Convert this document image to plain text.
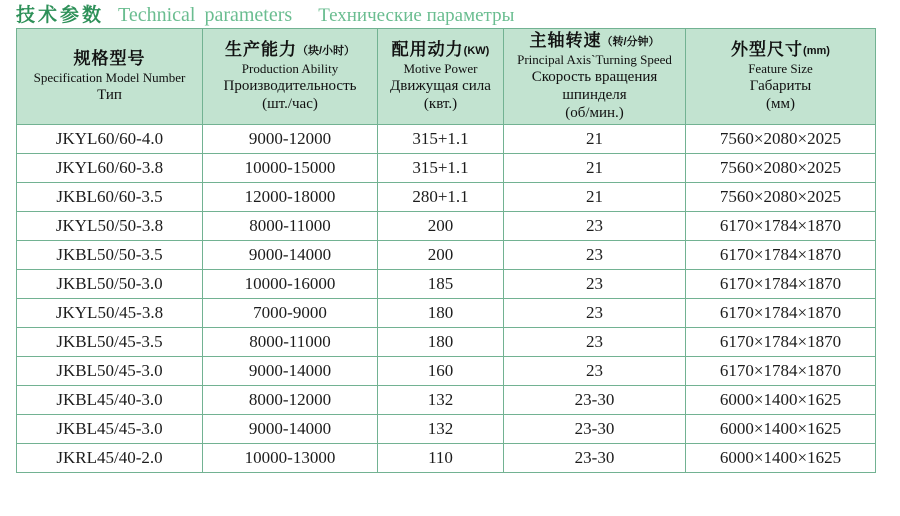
技术参数 Technical parameters Технические параметры
规格型号
Specification Model Number
Тип

生产能力（块/小时）
Production Ability
Производительность
(шт./час)

配用动力(KW)
Motive Power
Движущая сила
(квт.)

主轴转速（转/分钟）
Principal Axis`Turning Speed
Скорость вращения
шпинделя
(об/мин.)

外型尺寸(mm)
Feature Size
Габариты
(мм)

JKYL60/60-4.0	9000-12000	315+1.1	21	7560×2080×2025
JKYL60/60-3.8	10000-15000	315+1.1	21	7560×2080×2025
JKBL60/60-3.5	12000-18000	280+1.1	21	7560×2080×2025
JKYL50/50-3.8	8000-11000	200	23	6170×1784×1870
JKBL50/50-3.5	9000-14000	200	23	6170×1784×1870
JKBL50/50-3.0	10000-16000	185	23	6170×1784×1870
JKYL50/45-3.8	7000-9000	180	23	6170×1784×1870
JKBL50/45-3.5	8000-11000	180	23	6170×1784×1870
JKBL50/45-3.0	9000-14000	160	23	6170×1784×1870
JKBL45/40-3.0	8000-12000	132	23-30	6000×1400×1625
JKBL45/45-3.0	9000-14000	132	23-30	6000×1400×1625
JKRL45/40-2.0	10000-13000	110	23-30	6000×1400×1625
